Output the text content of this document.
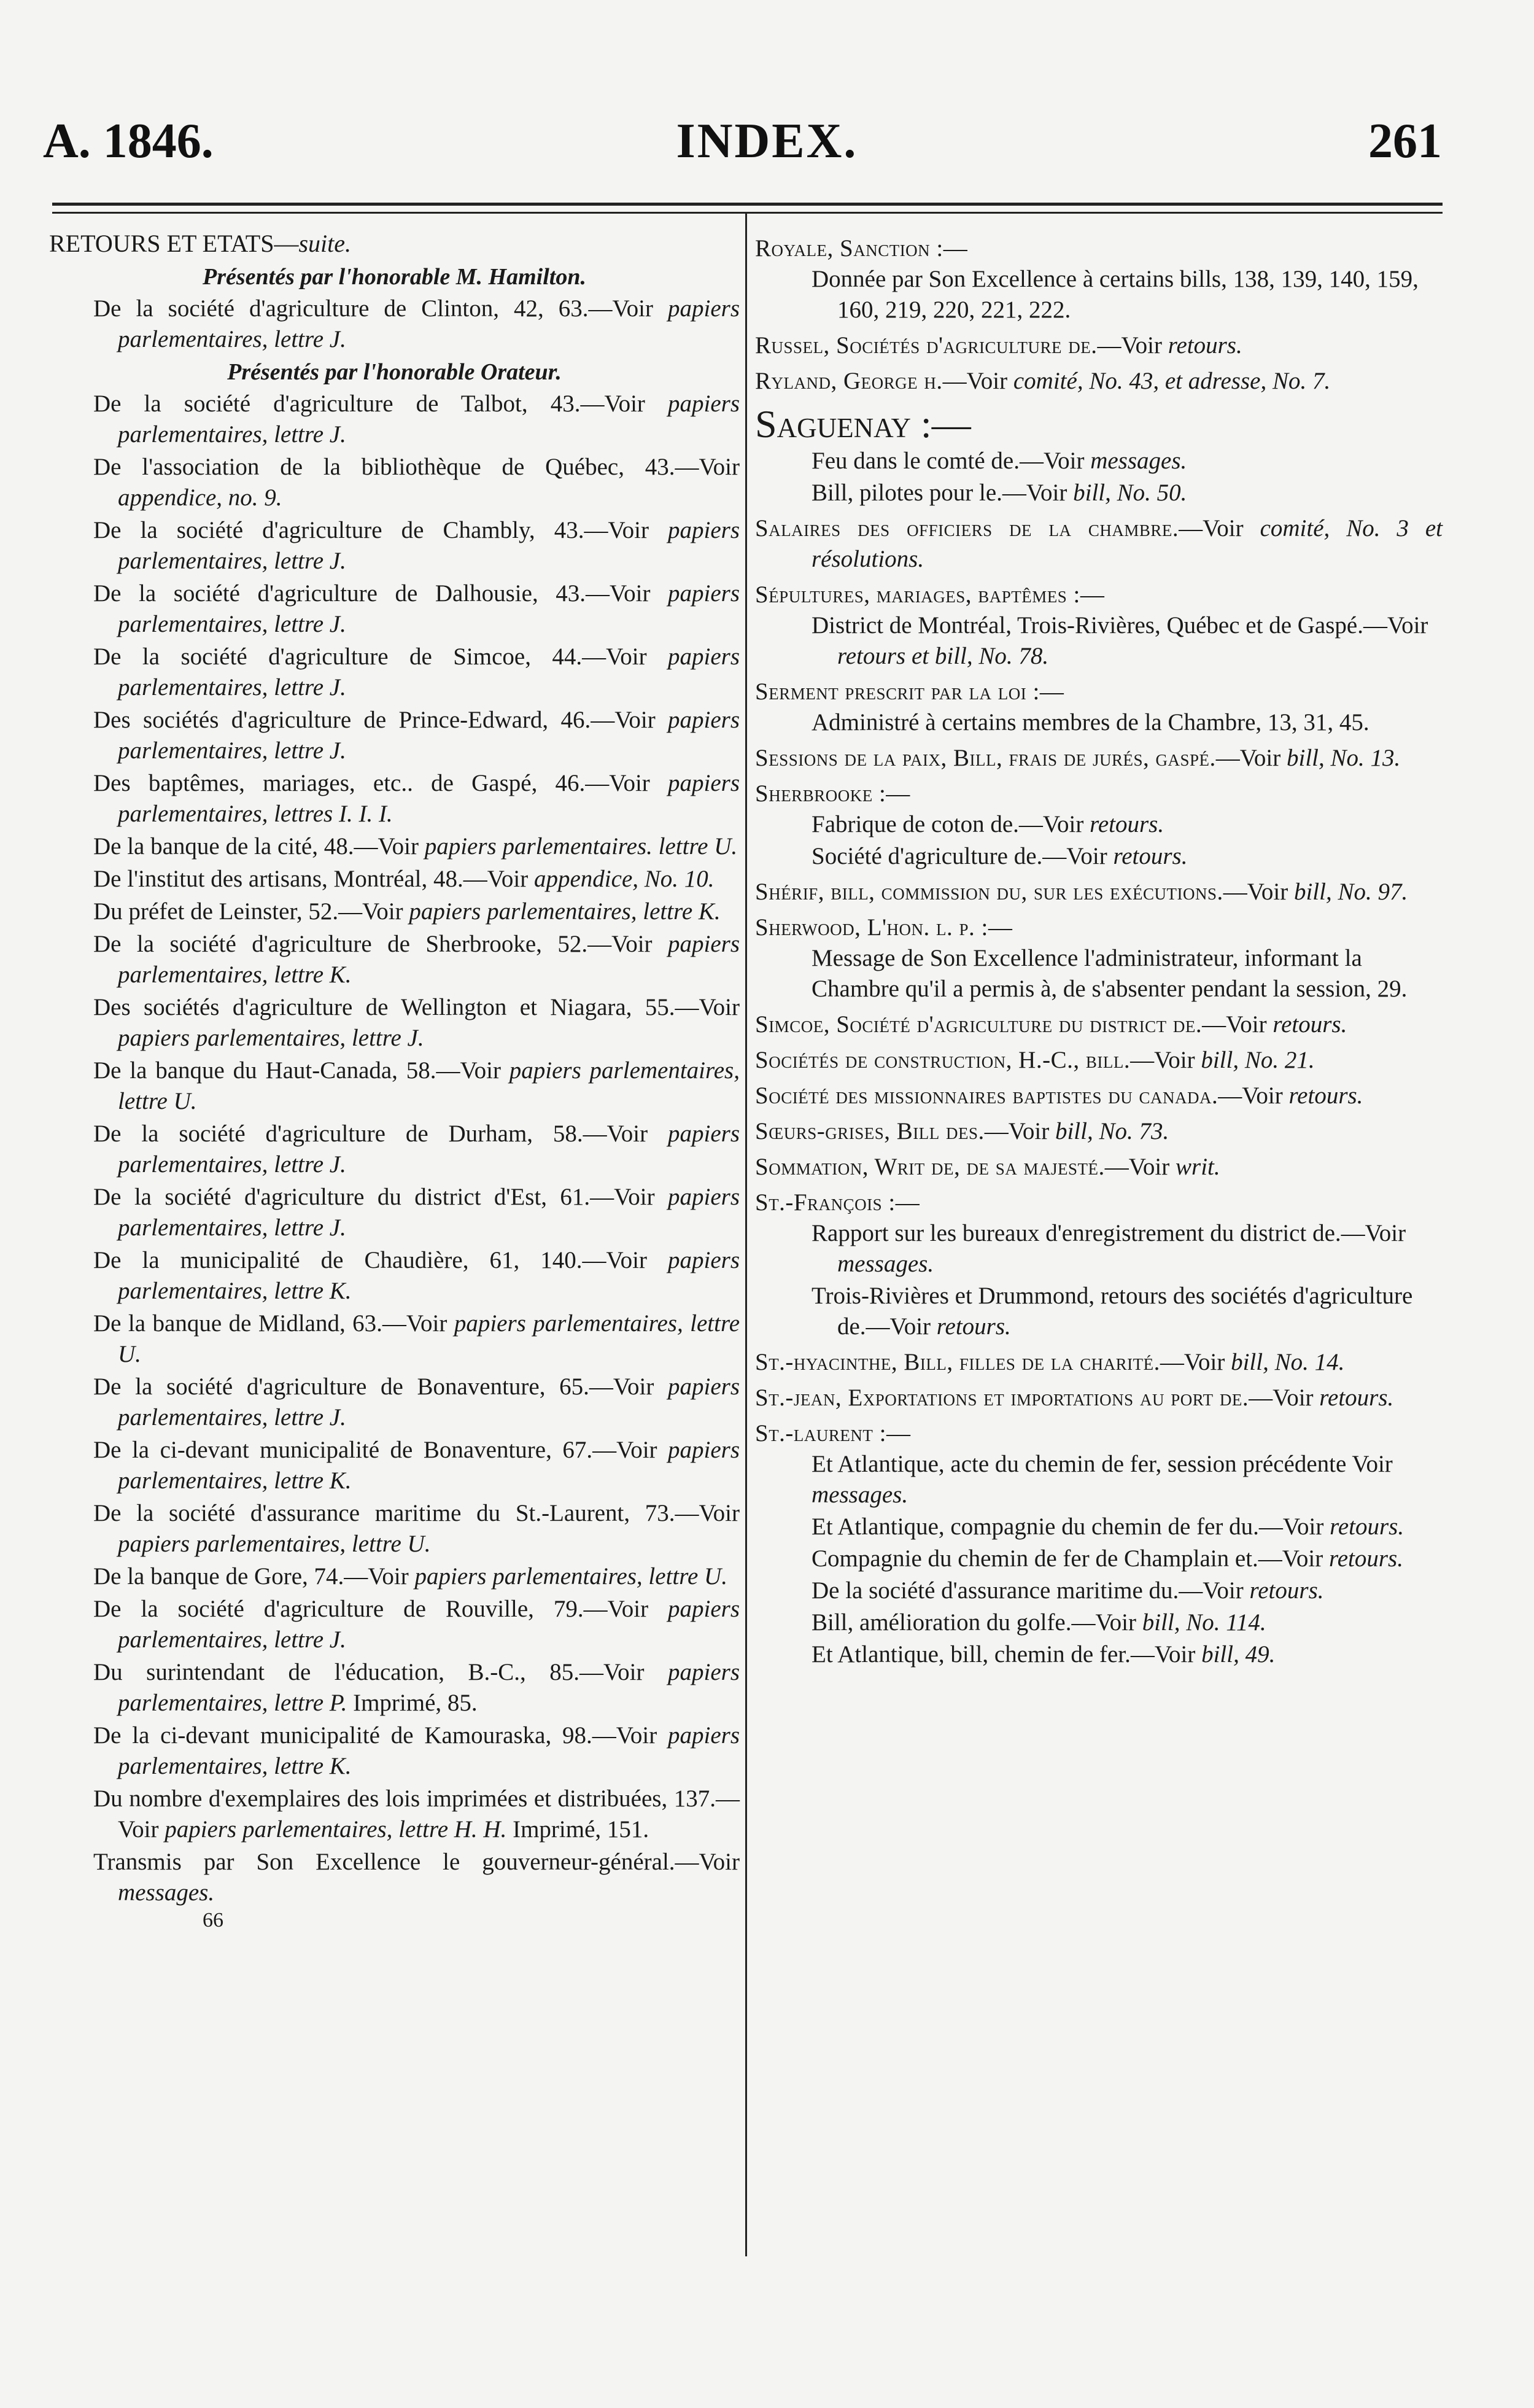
INDEX.
A. 1846.	261
RETOURS ET ETATS—suite.
Présentés par l'honorable M. Hamilton.
De la société d'agriculture de Clinton, 42, 63.—Voir papiers parlementaires, lettre J.
Présentés par l'honorable Orateur.
De la société d'agriculture de Talbot, 43.—Voir papiers parlementaires, lettre J.
De l'association de la bibliothèque de Québec, 43.—Voir appendice, no. 9.
De la société d'agriculture de Chambly, 43.—Voir papiers parlementaires, lettre J.
De la société d'agriculture de Dalhousie, 43.—Voir papiers parlementaires, lettre J.
De la société d'agriculture de Simcoe, 44.—Voir papiers parlementaires, lettre J.
Des sociétés d'agriculture de Prince-Edward, 46.—Voir papiers parlementaires, lettre J.
Des baptêmes, mariages, etc.. de Gaspé, 46.—Voir papiers parlementaires, lettres I. I. I.
De la banque de la cité, 48.—Voir papiers parlementaires. lettre U.
De l'institut des artisans, Montréal, 48.—Voir appendice, No. 10.
Du préfet de Leinster, 52.—Voir papiers parlementaires, lettre K.
De la société d'agriculture de Sherbrooke, 52.—Voir papiers parlementaires, lettre K.
Des sociétés d'agriculture de Wellington et Niagara, 55.—Voir papiers parlementaires, lettre J.
De la banque du Haut-Canada, 58.—Voir papiers parlementaires, lettre U.
De la société d'agriculture de Durham, 58.—Voir papiers parlementaires, lettre J.
De la société d'agriculture du district d'Est, 61.—Voir papiers parlementaires, lettre J.
De la municipalité de Chaudière, 61, 140.—Voir papiers parlementaires, lettre K.
De la banque de Midland, 63.—Voir papiers parlementaires, lettre U.
De la société d'agriculture de Bonaventure, 65.—Voir papiers parlementaires, lettre J.
De la ci-devant municipalité de Bonaventure, 67.—Voir papiers parlementaires, lettre K.
De la société d'assurance maritime du St.-Laurent, 73.—Voir papiers parlementaires, lettre U.
De la banque de Gore, 74.—Voir papiers parlementaires, lettre U.
De la société d'agriculture de Rouville, 79.—Voir papiers parlementaires, lettre J.
Du surintendant de l'éducation, B.-C., 85.—Voir papiers parlementaires, lettre P. Imprimé, 85.
De la ci-devant municipalité de Kamouraska, 98.—Voir papiers parlementaires, lettre K.
Du nombre d'exemplaires des lois imprimées et distribuées, 137.—Voir papiers parlementaires, lettre H. H. Imprimé, 151.
Transmis par Son Excellence le gouverneur-général.—Voir messages.
66
Royale, Sanction :—
Donnée par Son Excellence à certains bills, 138, 139, 140, 159, 160, 219, 220, 221, 222.
Russel, Sociétés d'agriculture de.—Voir retours.
Ryland, George h.—Voir comité, No. 43, et adresse, No. 7.
Saguenay :—
Feu dans le comté de.—Voir messages.
Bill, pilotes pour le.—Voir bill, No. 50.
Salaires des officiers de la chambre.—Voir comité, No. 3 et résolutions.
Sépultures, mariages, baptêmes :—
District de Montréal, Trois-Rivières, Québec et de Gaspé.—Voir retours et bill, No. 78.
Serment prescrit par la loi :—
Administré à certains membres de la Chambre, 13, 31, 45.
Sessions de la paix, Bill, frais de jurés, gaspé.—Voir bill, No. 13.
Sherbrooke :—
Fabrique de coton de.—Voir retours.
Société d'agriculture de.—Voir retours.
Shérif, bill, commission du, sur les exécutions.—Voir bill, No. 97.
Sherwood, L'hon. l. p. :—
Message de Son Excellence l'administrateur, informant la Chambre qu'il a permis à, de s'absenter pendant la session, 29.
Simcoe, Société d'agriculture du district de.—Voir retours.
Sociétés de construction, H.-C., bill.—Voir bill, No. 21.
Société des missionnaires baptistes du canada.—Voir retours.
Sœurs-grises, Bill des.—Voir bill, No. 73.
Sommation, Writ de, de sa majesté.—Voir writ.
St.-François :—
Rapport sur les bureaux d'enregistrement du district de.—Voir messages.
Trois-Rivières et Drummond, retours des sociétés d'agriculture de.—Voir retours.
St.-hyacinthe, Bill, filles de la charité.—Voir bill, No. 14.
St.-jean, Exportations et importations au port de.—Voir retours.
St.-laurent :—
Et Atlantique, acte du chemin de fer, session précédente Voir messages.
Et Atlantique, compagnie du chemin de fer du.—Voir retours.
Compagnie du chemin de fer de Champlain et.—Voir retours.
De la société d'assurance maritime du.—Voir retours.
Bill, amélioration du golfe.—Voir bill, No. 114.
Et Atlantique, bill, chemin de fer.—Voir bill, 49.
